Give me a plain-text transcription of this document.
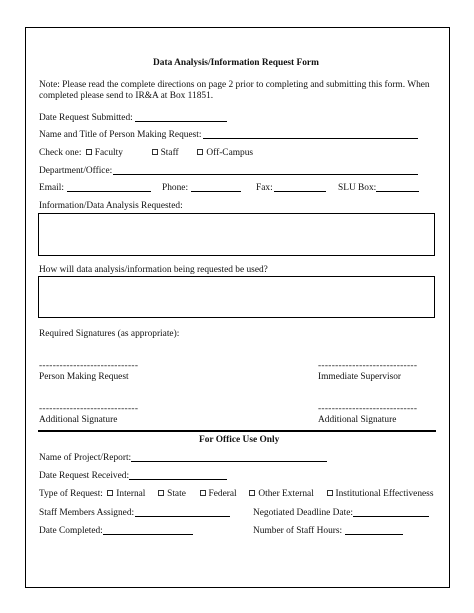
Data Analysis/Information Request Form
Note: Please read the complete directions on page 2 prior to completing and submitting this form. When
completed please send to IR&A at Box 11851.
Date Request Submitted:
Name and Title of Person Making Request:
Check one: Faculty	Staff	Off-Campus
Department/Office:
Email:	Phone:	Fax:	SLU Box:
Information/Data Analysis Requested:
How will data analysis/information being requested be used?
Required Signatures (as appropriate):
-----------------------------
Person Making Request
-----------------------------
Immediate Supervisor
-----------------------------
Additional Signature
-----------------------------
Additional Signature
For Office Use Only
Name of Project/Report:
Date Request Received:
Type of Request: Internal State Federal Other External Institutional Effectiveness
Staff Members Assigned:	Negotiated Deadline Date:
Date Completed:	Number of Staff Hours:
